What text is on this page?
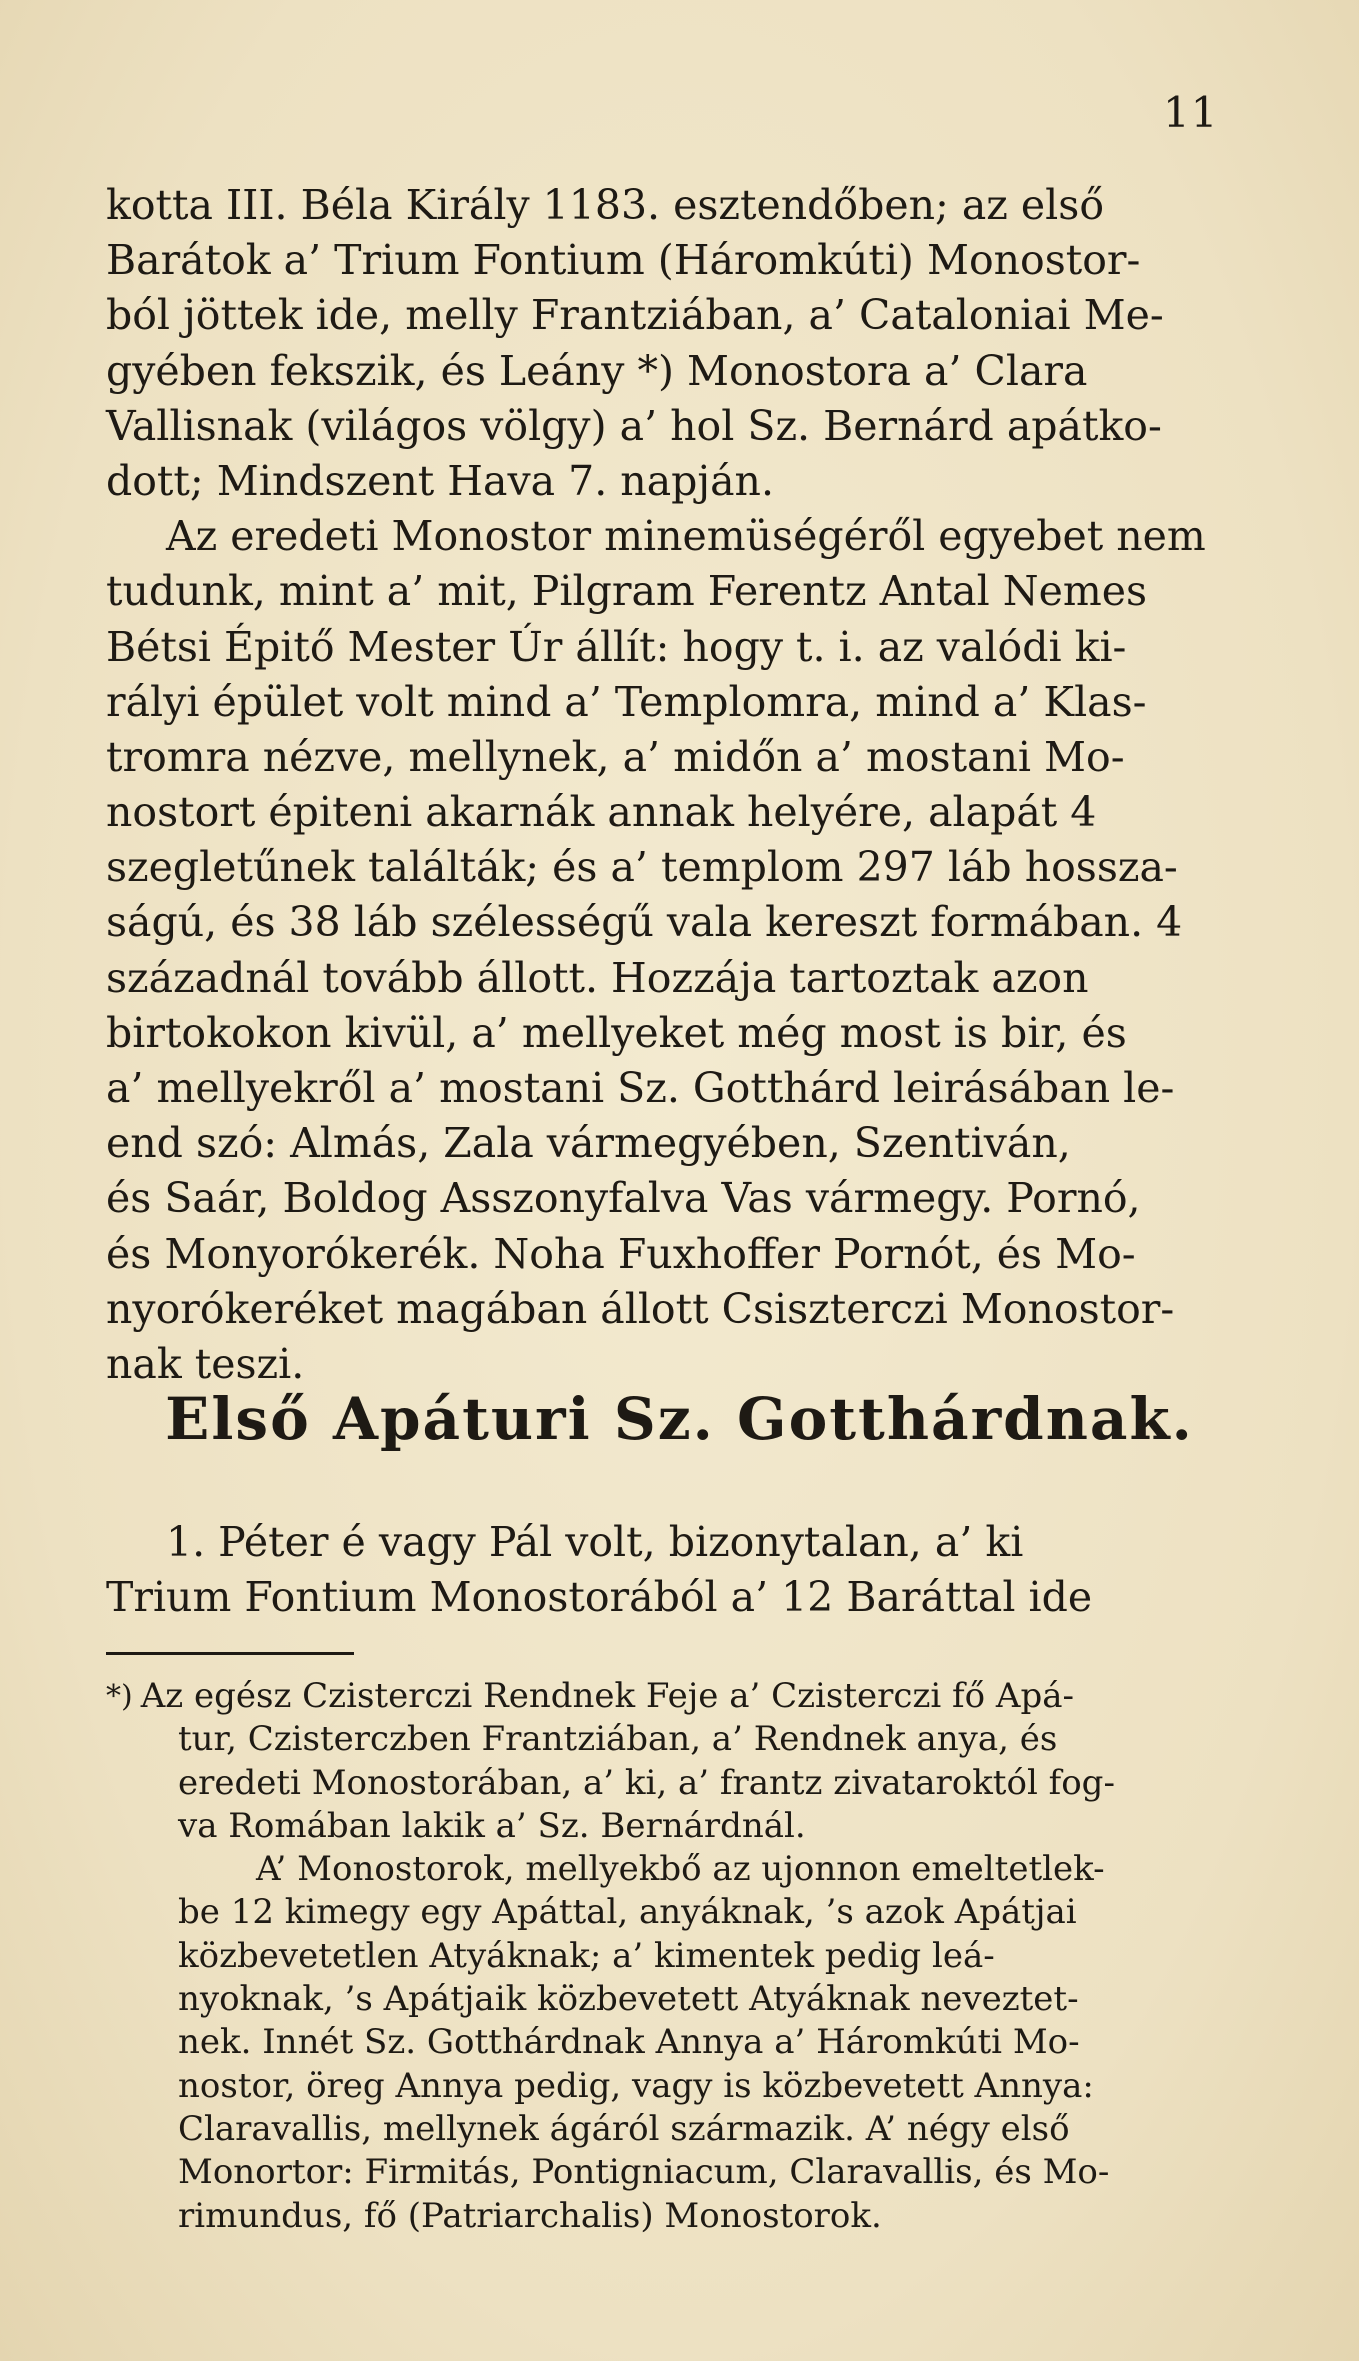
11
kotta III. Béla Király 1183. esztendőben; az első
Barátok a’ Trium Fontium (Háromkúti) Monostor-
ból jöttek ide, melly Frantziában, a’ Cataloniai Me-
gyében fekszik, és Leány *) Monostora a’ Clara
Vallisnak (világos völgy) a’ hol Sz. Bernárd apátko-
dott; Mindszent Hava 7. napján.
Az eredeti Monostor minemüségéről egyebet nem
tudunk, mint a’ mit, Pilgram Ferentz Antal Nemes
Bétsi Épitő Mester Úr állít: hogy t. i. az valódi ki-
rályi épület volt mind a’ Templomra, mind a’ Klas-
tromra nézve, mellynek, a’ midőn a’ mostani Mo-
nostort épiteni akarnák annak helyére, alapát 4
szegletűnek találták; és a’ templom 297 láb hossza-
ságú, és 38 láb szélességű vala kereszt formában. 4
századnál tovább állott. Hozzája tartoztak azon
birtokokon kivül, a’ mellyeket még most is bir, és
a’ mellyekről a’ mostani Sz. Gotthárd leirásában le-
end szó: Almás, Zala vármegyében, Szentiván,
és Saár, Boldog Asszonyfalva Vas vármegy. Pornó,
és Monyorókerék. Noha Fuxhoffer Pornót, és Mo-
nyorókeréket magában állott Csiszterczi Monostor-
nak teszi.
Első Apáturi Sz. Gotthárdnak.
1. Péter é vagy Pál volt, bizonytalan, a’ ki
Trium Fontium Monostorából a’ 12 Baráttal ide
*) Az egész Czisterczi Rendnek Feje a’ Czisterczi fő Apá-
tur, Czisterczben Frantziában, a’ Rendnek anya, és
eredeti Monostorában, a’ ki, a’ frantz zivataroktól fog-
va Romában lakik a’ Sz. Bernárdnál.
A’ Monostorok, mellyekbő az ujonnon emeltetlek-
be 12 kimegy egy Apáttal, anyáknak, ’s azok Apátjai
közbevetetlen Atyáknak; a’ kimentek pedig leá-
nyoknak, ’s Apátjaik közbevetett Atyáknak neveztet-
nek. Innét Sz. Gotthárdnak Annya a’ Háromkúti Mo-
nostor, öreg Annya pedig, vagy is közbevetett Annya:
Claravallis, mellynek ágáról származik. A’ négy első
Monortor: Firmitás, Pontigniacum, Claravallis, és Mo-
rimundus, fő (Patriarchalis) Monostorok.
